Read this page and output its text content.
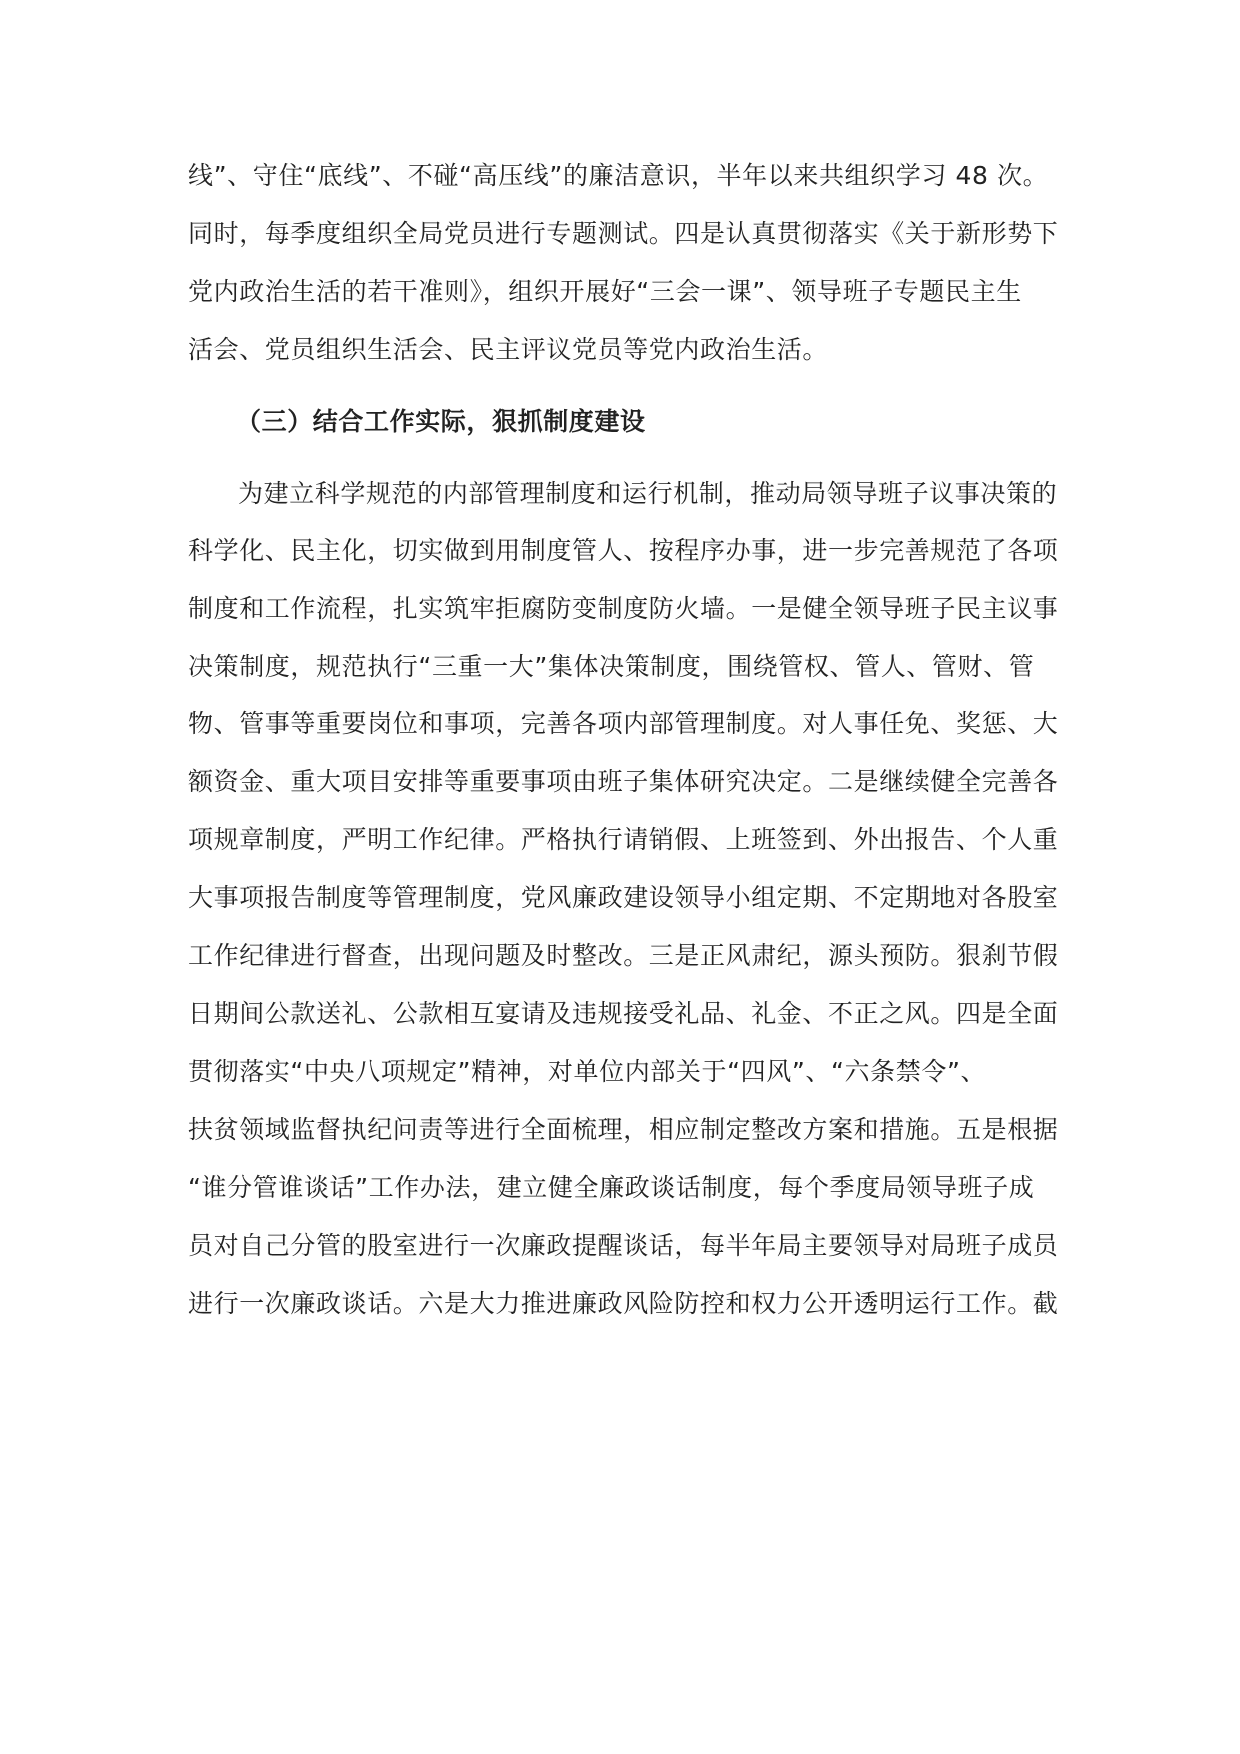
线”、守住“底线”、不碰“高压线”的廉洁意识，半年以来共组织学习 48 次。
同时，每季度组织全局党员进行专题测试。四是认真贯彻落实《关于新形势下
党内政治生活的若干准则》，组织开展好“三会一课”、领导班子专题民主生
活会、党员组织生活会、民主评议党员等党内政治生活。
（三）结合工作实际，狠抓制度建设
为建立科学规范的内部管理制度和运行机制，推动局领导班子议事决策的
科学化、民主化，切实做到用制度管人、按程序办事，进一步完善规范了各项
制度和工作流程，扎实筑牢拒腐防变制度防火墙。一是健全领导班子民主议事
决策制度，规范执行“三重一大”集体决策制度，围绕管权、管人、管财、管
物、管事等重要岗位和事项，完善各项内部管理制度。对人事任免、奖惩、大
额资金、重大项目安排等重要事项由班子集体研究决定。二是继续健全完善各
项规章制度，严明工作纪律。严格执行请销假、上班签到、外出报告、个人重
大事项报告制度等管理制度，党风廉政建设领导小组定期、不定期地对各股室
工作纪律进行督查，出现问题及时整改。三是正风肃纪，源头预防。狠刹节假
日期间公款送礼、公款相互宴请及违规接受礼品、礼金、不正之风。四是全面
贯彻落实“中央八项规定”精神，对单位内部关于“四风”、“六条禁令”、
扶贫领域监督执纪问责等进行全面梳理，相应制定整改方案和措施。五是根据
“谁分管谁谈话”工作办法，建立健全廉政谈话制度，每个季度局领导班子成
员对自己分管的股室进行一次廉政提醒谈话，每半年局主要领导对局班子成员
进行一次廉政谈话。六是大力推进廉政风险防控和权力公开透明运行工作。截
